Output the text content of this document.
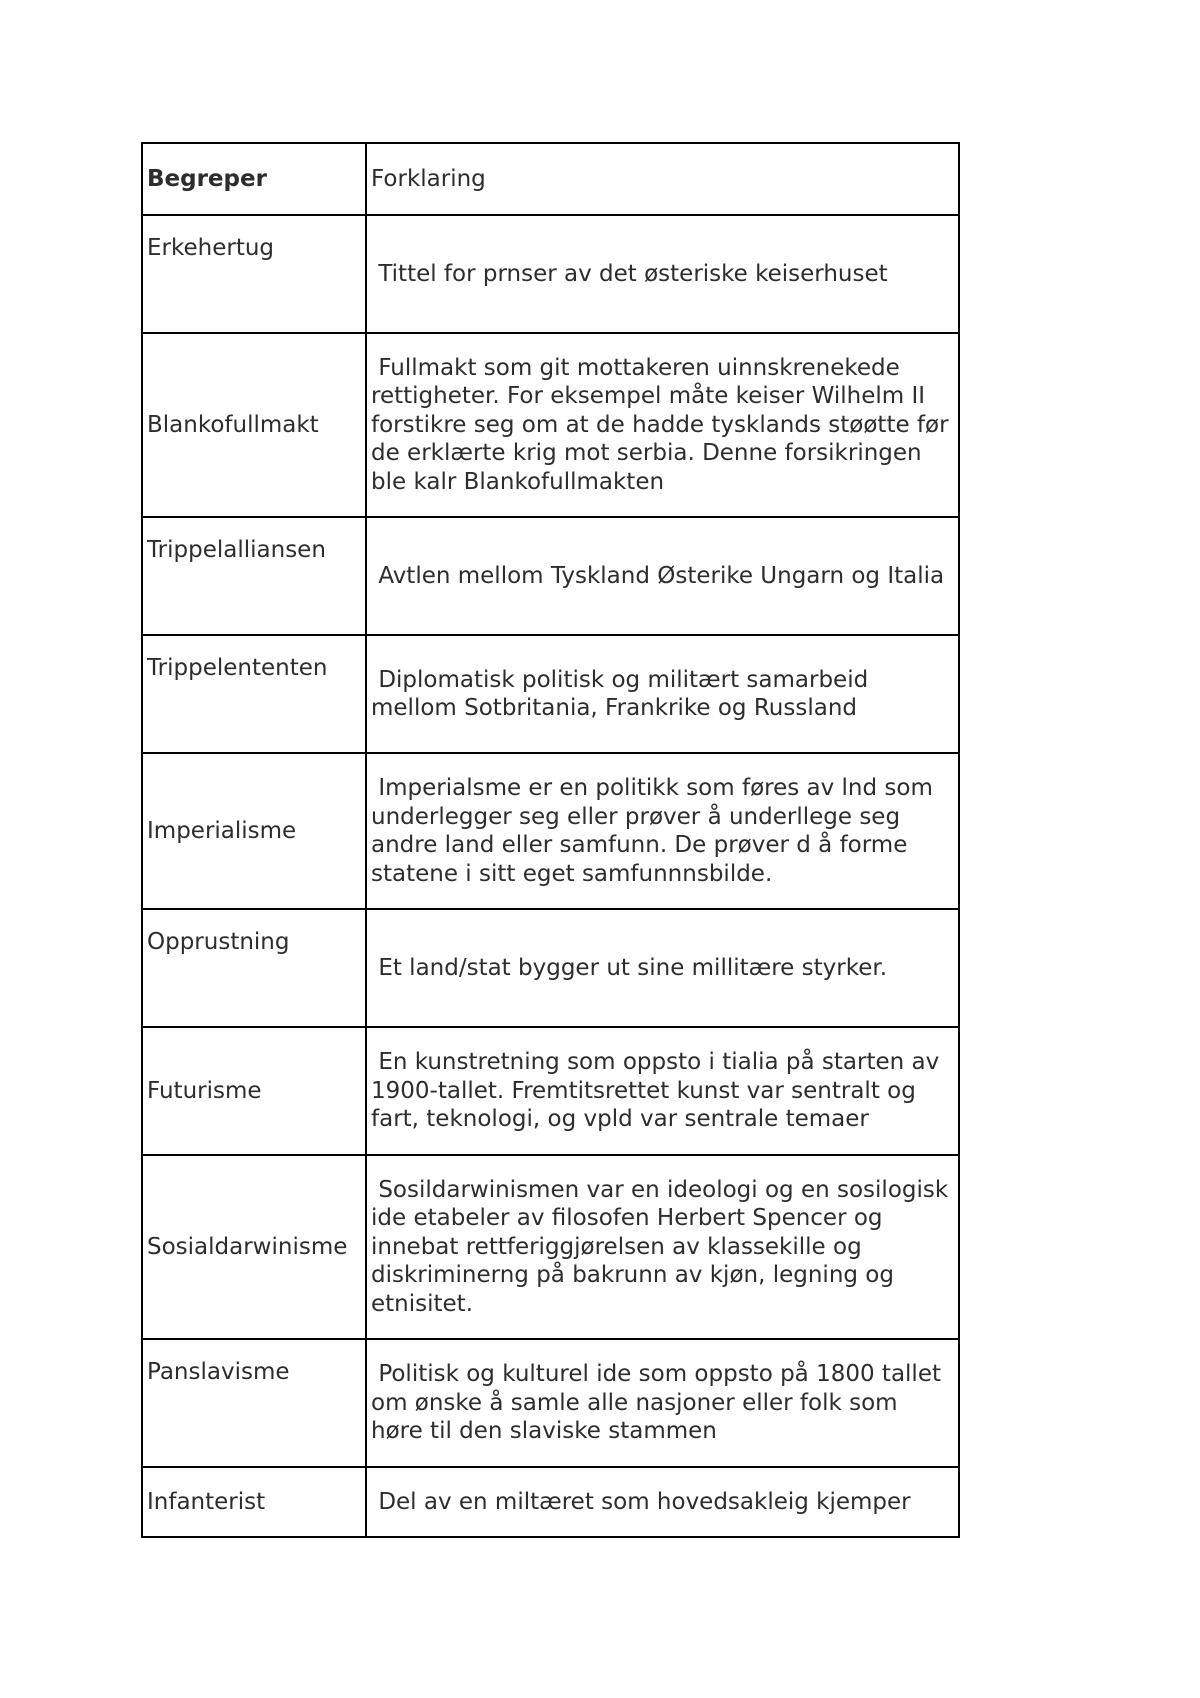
Begreper	Forklaring
Erkehertug	Tittel for prnser av det østeriske keiserhuset
Blankofullmakt	Fullmakt som git mottakeren uinnskrenekede rettigheter. For eksempel måte keiser Wilhelm II forstikre seg om at de hadde tysklands støøtte før de erklærte krig mot serbia. Denne forsikringen ble kalr Blankofullmakten
Trippelalliansen	Avtlen mellom Tyskland Østerike Ungarn og Italia
Trippelententen	Diplomatisk politisk og militært samarbeid mellom Sotbritania, Frankrike og Russland
Imperialisme	Imperialsme er en politikk som føres av lnd som underlegger seg eller prøver å underllege seg andre land eller samfunn. De prøver d å forme statene i sitt eget samfunnnsbilde.
Opprustning	Et land/stat bygger ut sine millitære styrker.
Futurisme	En kunstretning som oppsto i tialia på starten av 1900-tallet. Fremtitsrettet kunst var sentralt og fart, teknologi, og vpld var sentrale temaer
Sosialdarwinisme	Sosildarwinismen var en ideologi og en sosilogisk ide etabeler av filosofen Herbert Spencer og innebat rettferiggjørelsen av klassekille og diskriminerng på bakrunn av kjøn, legning og etnisitet.
Panslavisme	Politisk og kulturel ide som oppsto på 1800 tallet om ønske å samle alle nasjoner eller folk som høre til den slaviske stammen
Infanterist	Del av en miltæret som hovedsakleig kjemper
